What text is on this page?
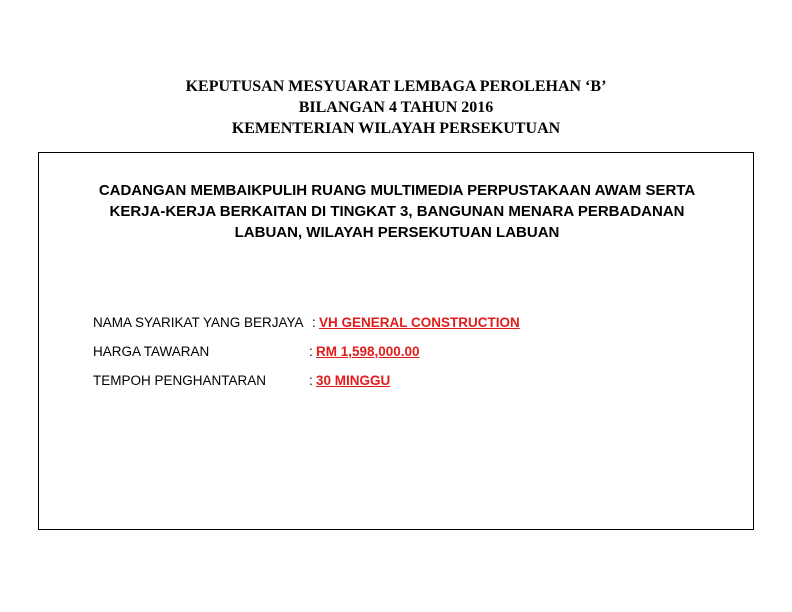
KEPUTUSAN MESYUARAT LEMBAGA PEROLEHAN ‘B’
BILANGAN 4 TAHUN 2016
KEMENTERIAN WILAYAH PERSEKUTUAN
CADANGAN MEMBAIKPULIH RUANG MULTIMEDIA PERPUSTAKAAN AWAM SERTA
KERJA-KERJA BERKAITAN DI TINGKAT 3, BANGUNAN MENARA PERBADANAN
LABUAN, WILAYAH PERSEKUTUAN LABUAN
NAMA SYARIKAT YANG BERJAYA : VH GENERAL CONSTRUCTION
HARGA TAWARAN	: RM 1,598,000.00
TEMPOH PENGHANTARAN	: 30 MINGGU
